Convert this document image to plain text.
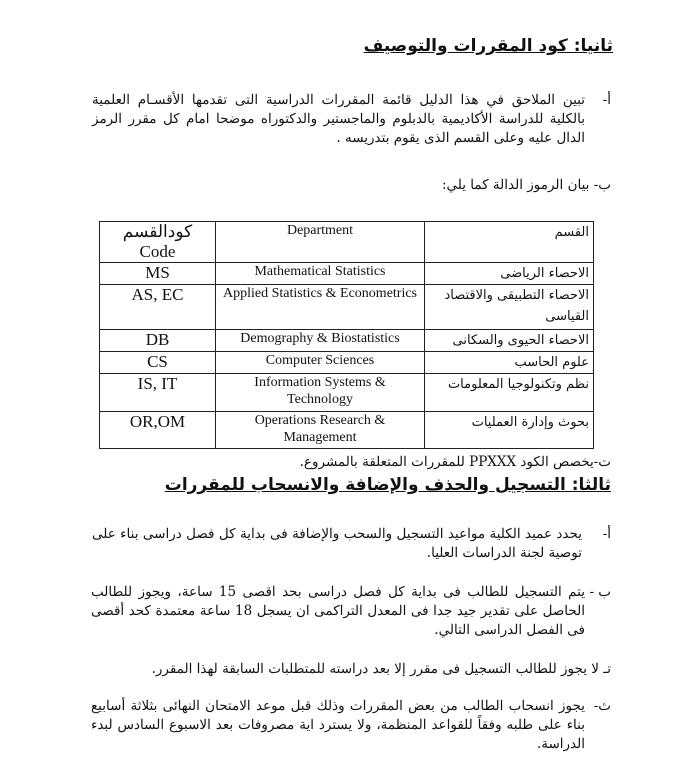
ثانيا: كود المقررات والتوصيف
أ-
تبين الملاحق في هذا الدليل قائمة المقررات الدراسية التى تقدمها الأقسـام العلمية بالكلية للدراسة الأكاديمية بالدبلوم والماجستير والدكتوراه موضحا امام كل مقرر الرمز الدال عليه وعلى القسم الذى يقوم بتدريسه .
ب- بيان الرموز الدالة كما يلي:
كودالقسم Code	Department	القسم
MS	Mathematical Statistics	الاحصاء الرياضى
AS, EC	Applied Statistics & Econometrics	الاحصاء التطبيقى والاقتصاد القياسى
DB	Demography & Biostatistics	الاحصاء الحيوى والسكانى
CS	Computer Sciences	علوم الحاسب
IS, IT	Information Systems & Technology	نظم وتكنولوجيا المعلومات
OR,OM	Operations Research & Management	بحوث وإدارة العمليات
ت-يخصص الكود PPXXX للمقررات المتعلقة بالمشروع.
ثالثا: التسجيل والحذف والإضافة والانسحاب للمقررات
أ-
يحدد عميد الكلية مواعيد التسجيل والسحب والإضافة فى بداية كل فصل دراسى بناء على توصية لجنة الدراسات العليا.
ب -
يتم التسجيل للطالب فى بداية كل فصل دراسى بحد اقصى 15 ساعة، ويجوز للطالب الحاصل على تقدير جيد جدا فى المعدل التراكمى ان يسجل 18 ساعة معتمدة كحد أقصى فى الفصل الدراسى التالي.
تـ لا يجوز للطالب التسجيل فى مقرر إلا بعد دراسته للمتطلبات السابقة لهذا المقرر.
ث-
يجوز انسحاب الطالب من بعض المقررات وذلك قبل موعد الامتحان النهائى بثلاثة أسابيع بناء على طلبه وفقاً للقواعد المنظمة، ولا يسترد اية مصروفات بعد الاسبوع السادس لبدء الدراسة.
